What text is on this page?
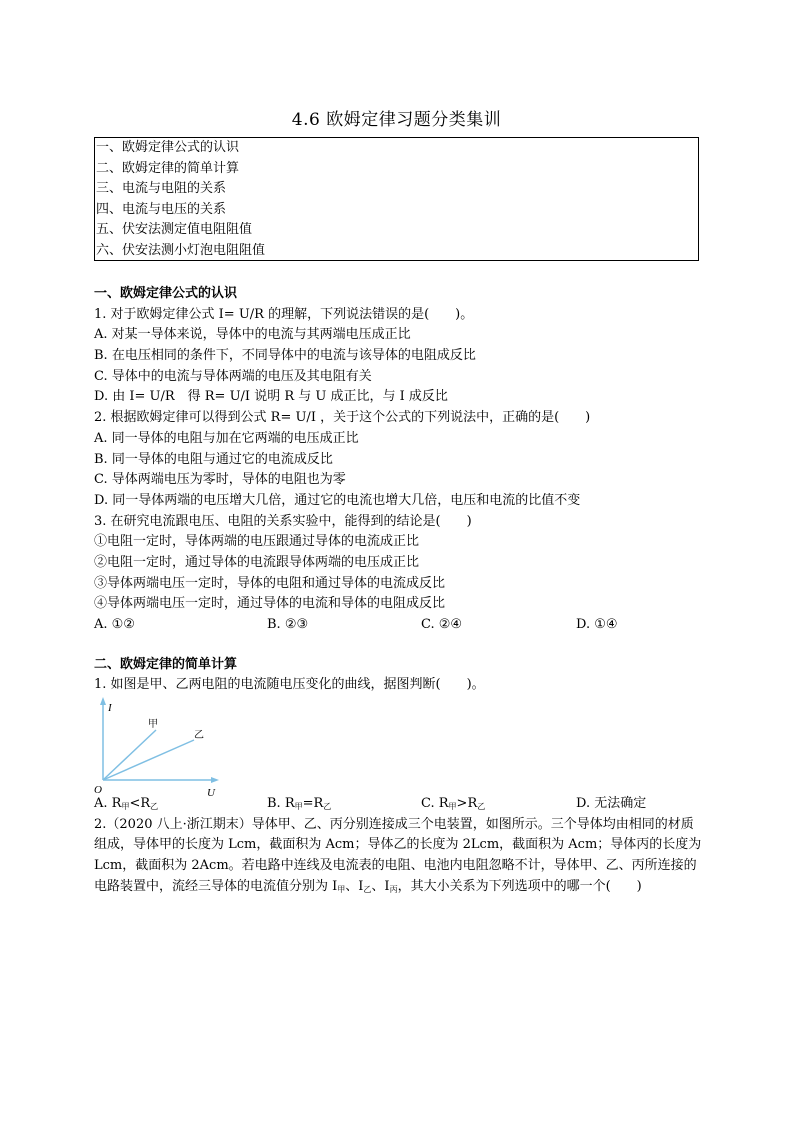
4.6 欧姆定律习题分类集训
一、欧姆定律公式的认识
二、欧姆定律的简单计算
三、电流与电阻的关系
四、电流与电压的关系
五、伏安法测定值电阻阻值
六、伏安法测小灯泡电阻阻值
一、欧姆定律公式的认识
1. 对于欧姆定律公式 I= U/R 的理解，下列说法错误的是(　　)。
A. 对某一导体来说，导体中的电流与其两端电压成正比
B. 在电压相同的条件下，不同导体中的电流与该导体的电阻成反比
C. 导体中的电流与导体两端的电压及其电阻有关
D. 由 I= U/R　得 R= U/I 说明 R 与 U 成正比，与 I 成反比
2. 根据欧姆定律可以得到公式 R= U/I ，关于这个公式的下列说法中，正确的是(　　)
A. 同一导体的电阻与加在它两端的电压成正比
B. 同一导体的电阻与通过它的电流成反比
C. 导体两端电压为零时，导体的电阻也为零
D. 同一导体两端的电压增大几倍，通过它的电流也增大几倍，电压和电流的比值不变
3. 在研究电流跟电压、电阻的关系实验中，能得到的结论是(　　)
①电阻一定时，导体两端的电压跟通过导体的电流成正比
②电阻一定时，通过导体的电流跟导体两端的电压成正比
③导体两端电压一定时，导体的电阻和通过导体的电流成反比
④导体两端电压一定时，通过导体的电流和导体的电阻成反比
A. ①②	B. ②③	C. ②④	D. ①④
二、欧姆定律的简单计算
1. 如图是甲、乙两电阻的电流随电压变化的曲线，据图判断(　　)。
I
U
O
甲
乙
A. $R_甲<R_乙$	B. $R_甲=R_乙$	C. $R_甲>R_乙$	D. 无法确定
2.（2020 八上·浙江期末）导体甲、乙、丙分别连接成三个电装置，如图所示。三个导体均由相同的材质组成，导体甲的长度为 Lcm，截面积为 Acm；导体乙的长度为 2Lcm，截面积为 Acm；导体丙的长度为 Lcm，截面积为 2Acm。若电路中连线及电流表的电阻、电池内电阻忽略不计，导体甲、乙、丙所连接的电路装置中，流经三导体的电流值分别为 $I_甲$、$I_乙$、$I_丙$，其大小关系为下列选项中的哪一个(　　)
